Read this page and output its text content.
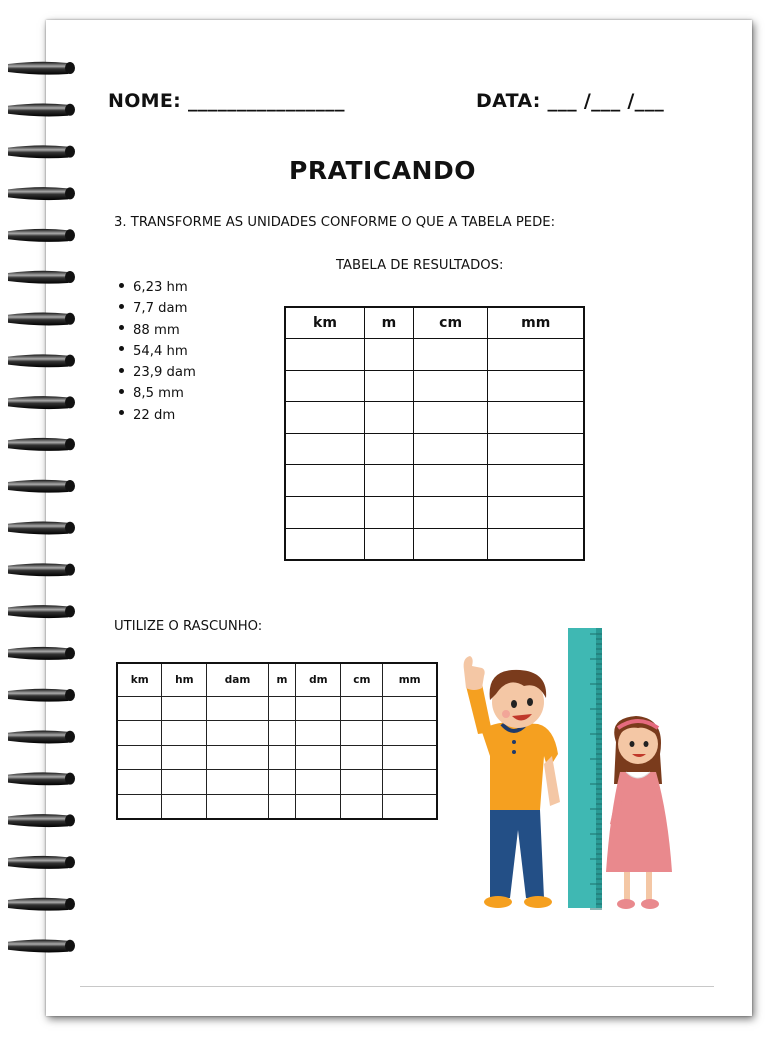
NOME: ________________	DATA: ___ /___ /___
PRATICANDO
3. TRANSFORME AS UNIDADES CONFORME O QUE A TABELA PEDE:
TABELA DE RESULTADOS:
6,23 hm
7,7 dam
88 mm
54,4 hm
23,9 dam
8,5 mm
22 dm
km	m	cm	mm

UTILIZE O RASCUNHO:
km	hm	dam	m	dm	cm	mm
